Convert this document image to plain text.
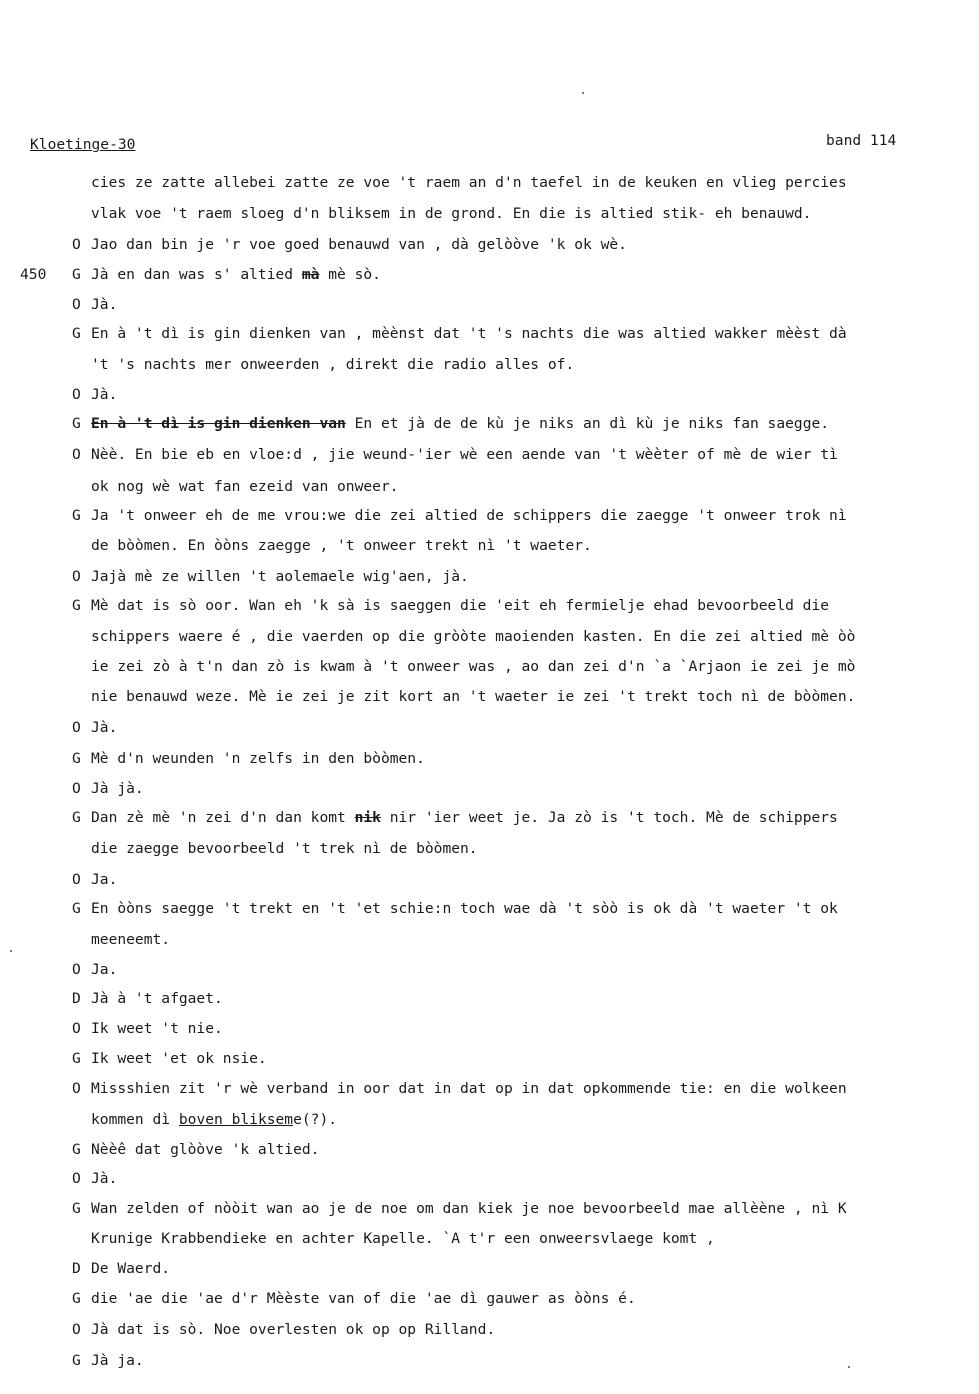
Kloetinge-30	band 114
cies ze zatte allebei zatte ze voe 't raem an d'n taefel in de keuken en vlieg percies
vlak voe 't raem sloeg d'n bliksem in de grond. En die is altied stik- eh benauwd.
O Jao dan bin je 'r voe goed benauwd van , dà gelòòve 'k ok wè.
450 G Jà en dan was s' altied mà mè sò.
O Jà.
G En à 't dì is gin dienken van , mèènst dat 't 's nachts die was altied wakker mèèst dà
't 's nachts mer onweerden , direkt die radio alles of.
O Jà.
G En à 't dì is gin dienken van En et jà de de kù je niks an dì kù je niks fan saegge.
O Nèè. En bie eb en vloe:d , jie weund-'ier wè een aende van 't wèèter of mè de wier tì
ok nog wè wat fan ezeid van onweer.
G Ja 't onweer eh de me vrou:we die zei altied de schippers die zaegge 't onweer trok nì
de bòòmen. En òòns zaegge , 't onweer trekt nì 't waeter.
O Jajà mè ze willen 't aolemaele wig'aen, jà.
G Mè dat is sò oor. Wan eh 'k sà is saeggen die 'eit eh fermielje ehad bevoorbeeld die
schippers waere é , die vaerden op die gròòte maoienden kasten. En die zei altied mè òò
ie zei zò à t'n dan zò is kwam à 't onweer was , ao dan zei d'n `a `Arjaon ie zei je mò
nie benauwd weze. Mè ie zei je zit kort an 't waeter ie zei 't trekt toch nì de bòòmen.
O Jà.
G Mè d'n weunden 'n zelfs in den bòòmen.
O Jà jà.
G Dan zè mè 'n zei d'n dan komt nik nir 'ier weet je. Ja zò is 't toch. Mè de schippers
die zaegge bevoorbeeld 't trek nì de bòòmen.
O Ja.
G En òòns saegge 't trekt en 't 'et schie:n toch wae dà 't sòò is ok dà 't waeter 't ok
meeneemt.
O Ja.
D Jà à 't afgaet.
O Ik weet 't nie.
G Ik weet 'et ok nsie.
O Missshien zit 'r wè verband in oor dat in dat op in dat opkommende tie: en die wolkeen
kommen dì boven blikseme(?).
G Nèèê dat glòòve 'k altied.
O Jà.
G Wan zelden of nòòit wan ao je de noe om dan kiek je noe bevoorbeeld mae allèène , nì K
Krunige Krabbendieke en achter Kapelle. `A t'r een onweersvlaege komt ,
D De Waerd.
G die 'ae die 'ae d'r Mèèste van of die 'ae dì gauwer as òòns é.
O Jà dat is sò. Noe overlesten ok op op Rilland.
G Jà ja.
